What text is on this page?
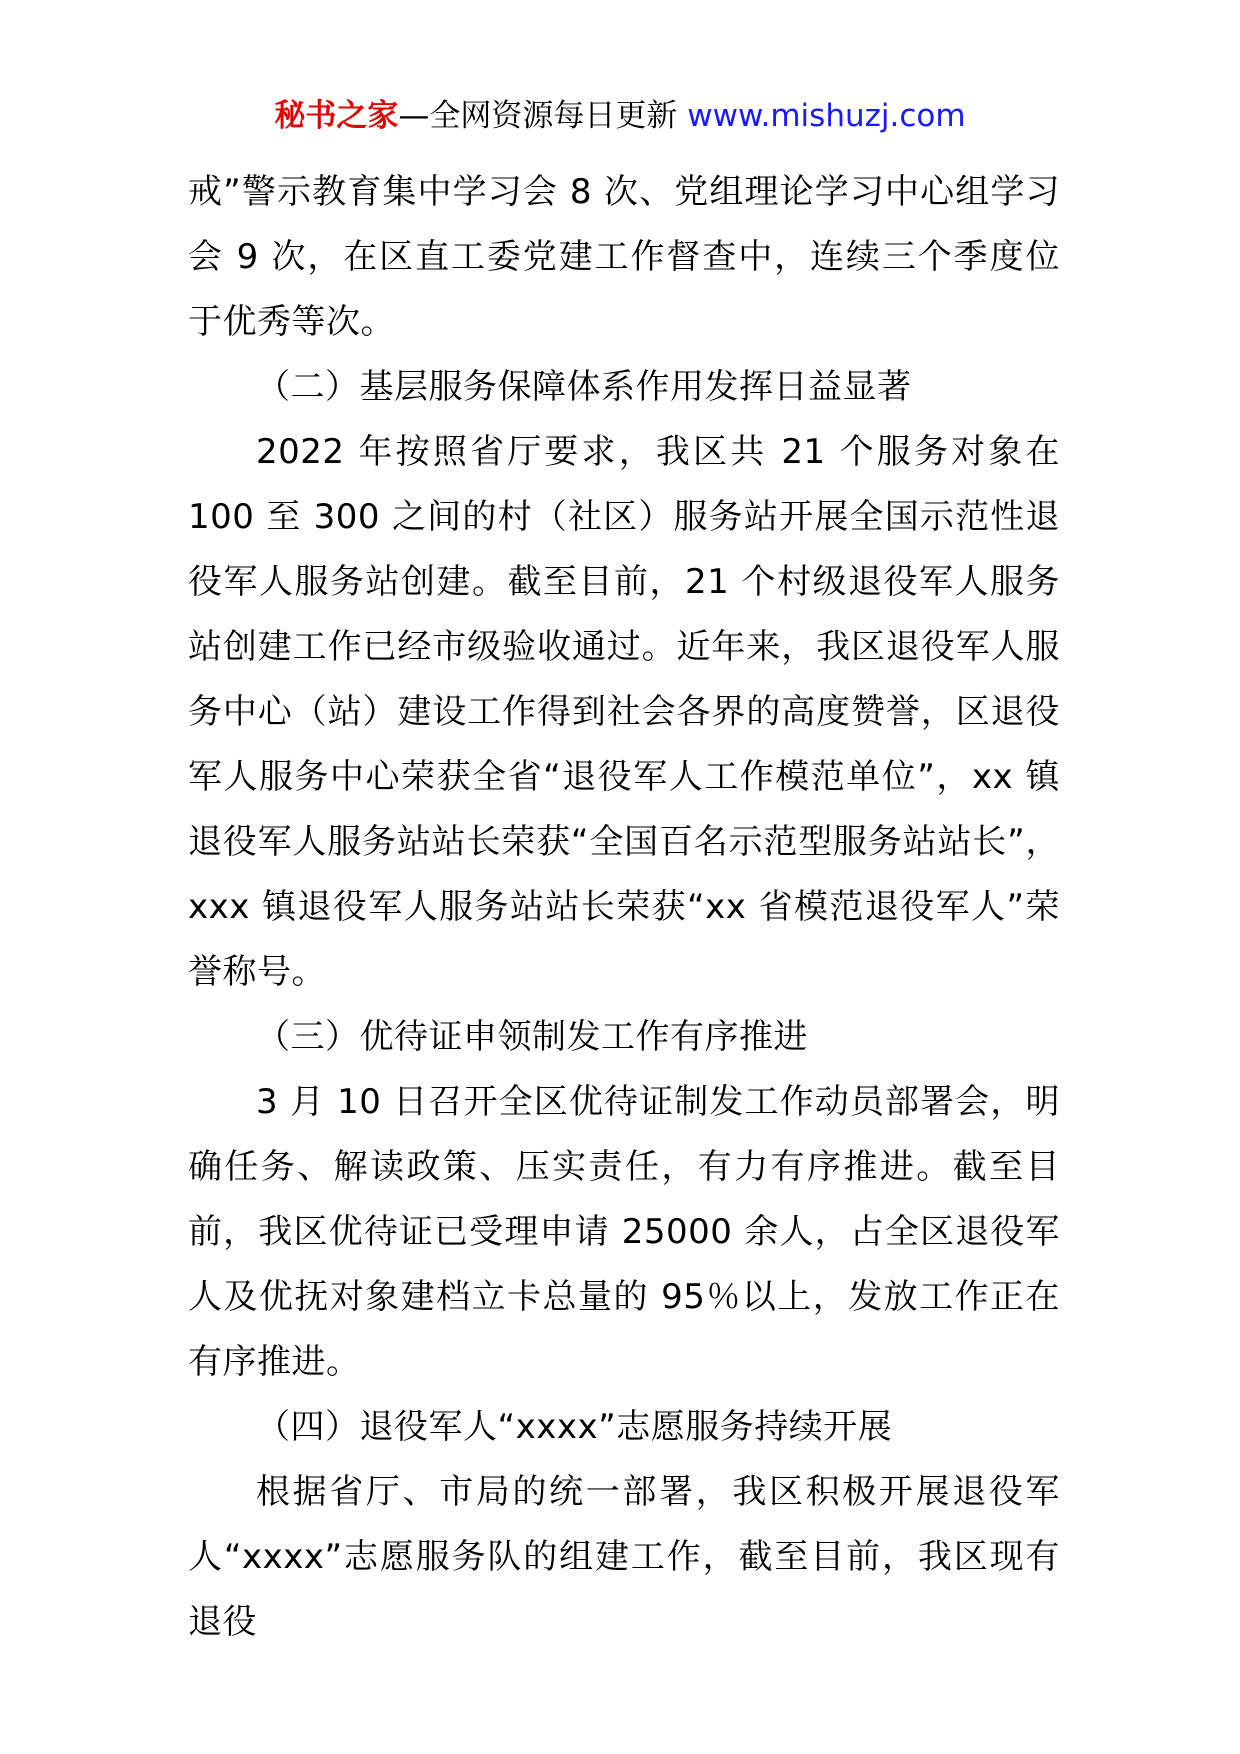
秘书之家—全网资源每日更新 www.mishuzj.com

戒”警示教育集中学习会 8 次、党组理论学习中心组学习会 9 次，在区直工委党建工作督查中，连续三个季度位于优秀等次。

（二）基层服务保障体系作用发挥日益显著

2022 年按照省厅要求，我区共 21 个服务对象在 100 至 300 之间的村（社区）服务站开展全国示范性退役军人服务站创建。截至目前，21 个村级退役军人服务站创建工作已经市级验收通过。近年来，我区退役军人服务中心（站）建设工作得到社会各界的高度赞誉，区退役军人服务中心荣获全省“退役军人工作模范单位”，xx 镇退役军人服务站站长荣获“全国百名示范型服务站站长”，xxx 镇退役军人服务站站长荣获“xx 省模范退役军人”荣誉称号。

（三）优待证申领制发工作有序推进

3 月 10 日召开全区优待证制发工作动员部署会，明确任务、解读政策、压实责任，有力有序推进。截至目前，我区优待证已受理申请 25000 余人，占全区退役军人及优抚对象建档立卡总量的 95％以上，发放工作正在有序推进。

（四）退役军人“xxxx”志愿服务持续开展

根据省厅、市局的统一部署，我区积极开展退役军人“xxxx”志愿服务队的组建工作，截至目前，我区现有退役
